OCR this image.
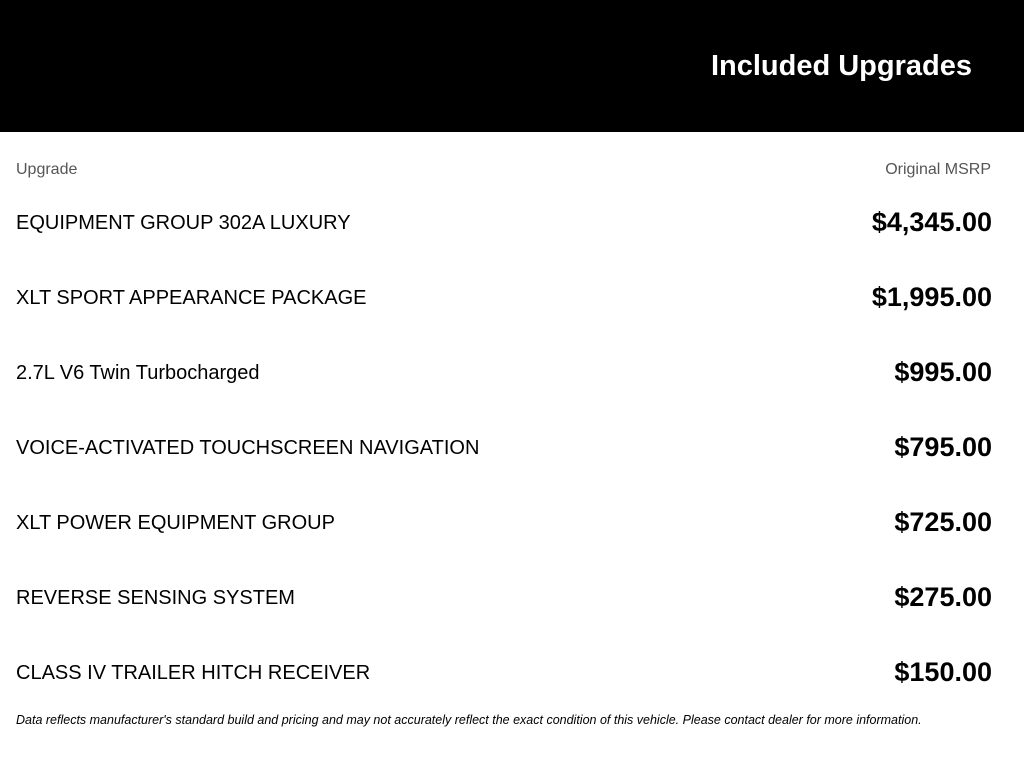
Included Upgrades
Upgrade	Original MSRP
EQUIPMENT GROUP 302A LUXURY	$4,345.00
XLT SPORT APPEARANCE PACKAGE	$1,995.00
2.7L V6 Twin Turbocharged	$995.00
VOICE-ACTIVATED TOUCHSCREEN NAVIGATION	$795.00
XLT POWER EQUIPMENT GROUP	$725.00
REVERSE SENSING SYSTEM	$275.00
CLASS IV TRAILER HITCH RECEIVER	$150.00
Data reflects manufacturer's standard build and pricing and may not accurately reflect the exact condition of this vehicle. Please contact dealer for more information.
